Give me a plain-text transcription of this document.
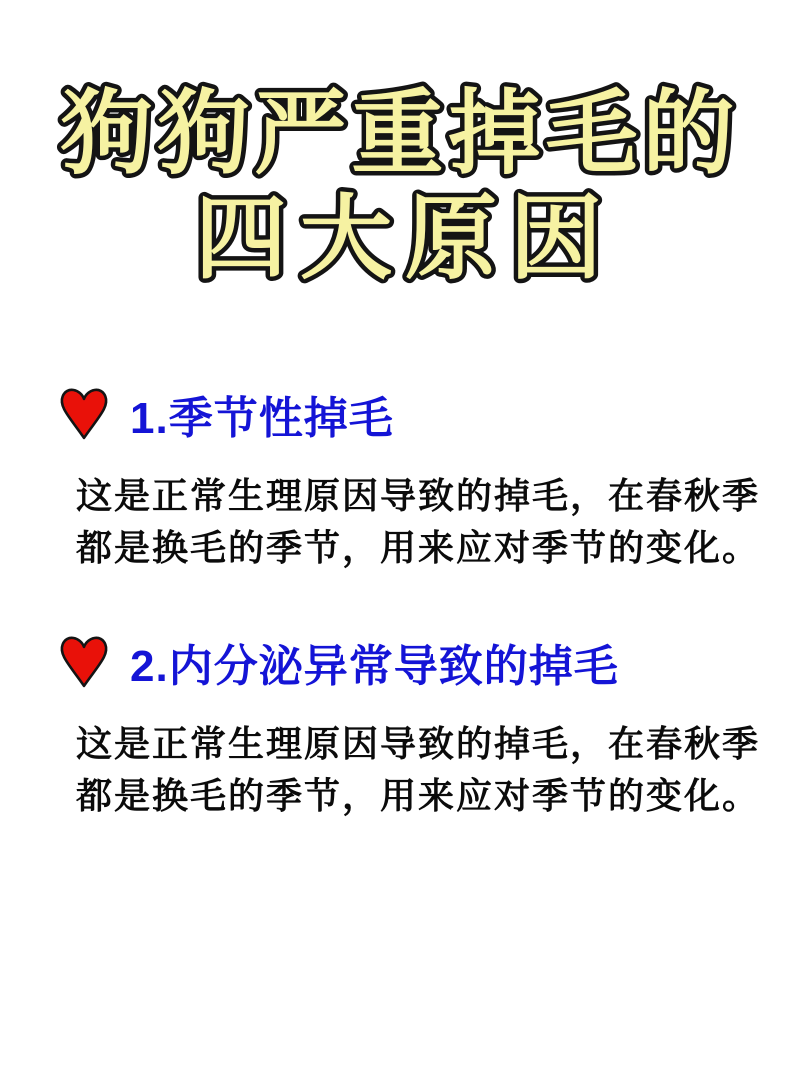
狗狗严重掉毛的
四大原因
1.季节性掉毛

这是正常生理原因导致的掉毛，在春秋季

都是换毛的季节，用来应对季节的变化。

2.内分泌异常导致的掉毛

这是正常生理原因导致的掉毛，在春秋季

都是换毛的季节，用来应对季节的变化。
